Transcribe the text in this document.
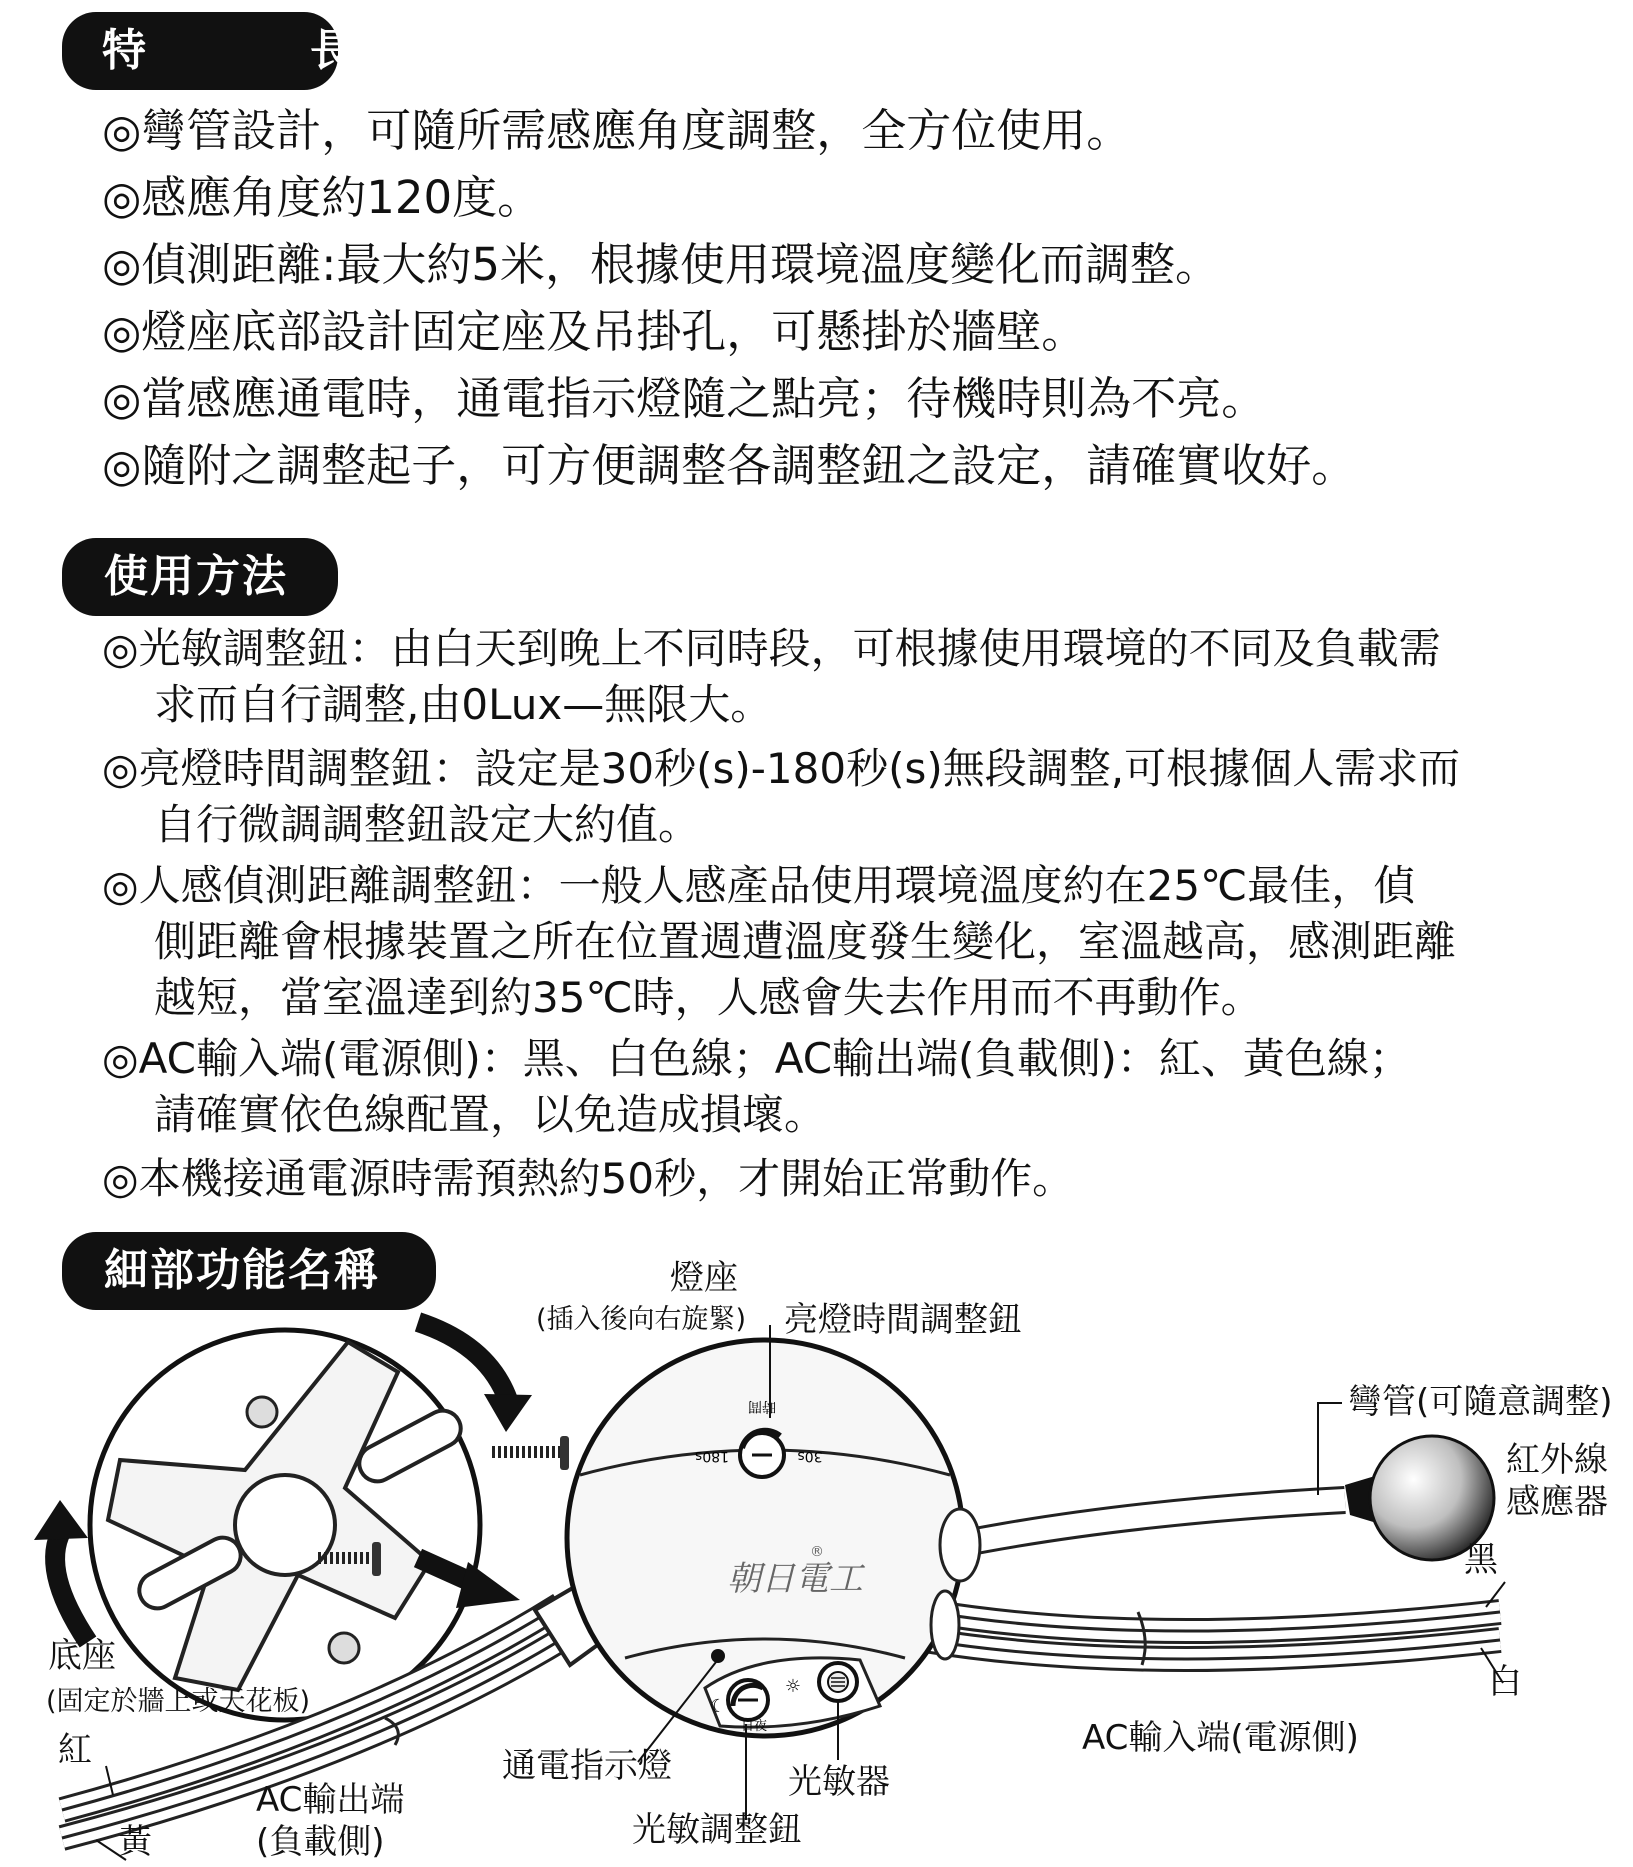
特　長
使用方法
細部功能名稱
◎彎管設計，可隨所需感應角度調整，全方位使用。
◎感應角度約120度。
◎偵測距離:最大約5米，根據使用環境溫度變化而調整。
◎燈座底部設計固定座及吊掛孔，可懸掛於牆壁。
◎當感應通電時，通電指示燈隨之點亮；待機時則為不亮。
◎隨附之調整起子，可方便調整各調整鈕之設定，請確實收好。
◎光敏調整鈕：由白天到晚上不同時段，可根據使用環境的不同及負載需
求而自行調整,由0Lux—無限大。
◎亮燈時間調整鈕：設定是30秒(s)-180秒(s)無段調整,可根據個人需求而
自行微調調整鈕設定大約值。
◎人感偵測距離調整鈕：一般人感產品使用環境溫度約在25℃最佳，偵
側距離會根據裝置之所在位置週遭溫度發生變化，室溫越高，感測距離
越短，當室溫達到約35℃時，人感會失去作用而不再動作。
◎AC輸入端(電源側)：黑、白色線；AC輸出端(負載側)：紅、黃色線；
請確實依色線配置，以免造成損壞。
◎本機接通電源時需預熱約50秒，才開始正常動作。
時間
180s	30s
朝日電工
®
日夜
☼
☾
燈座
(插入後向右旋緊) 亮燈時間調整鈕
彎管(可隨意調整)
紅外線
感應器
黑
白
AC輸入端(電源側)
底座
(固定於牆上或天花板)
紅
黃
AC輸出端
(負載側)
通電指示燈	光敏器
光敏調整鈕
